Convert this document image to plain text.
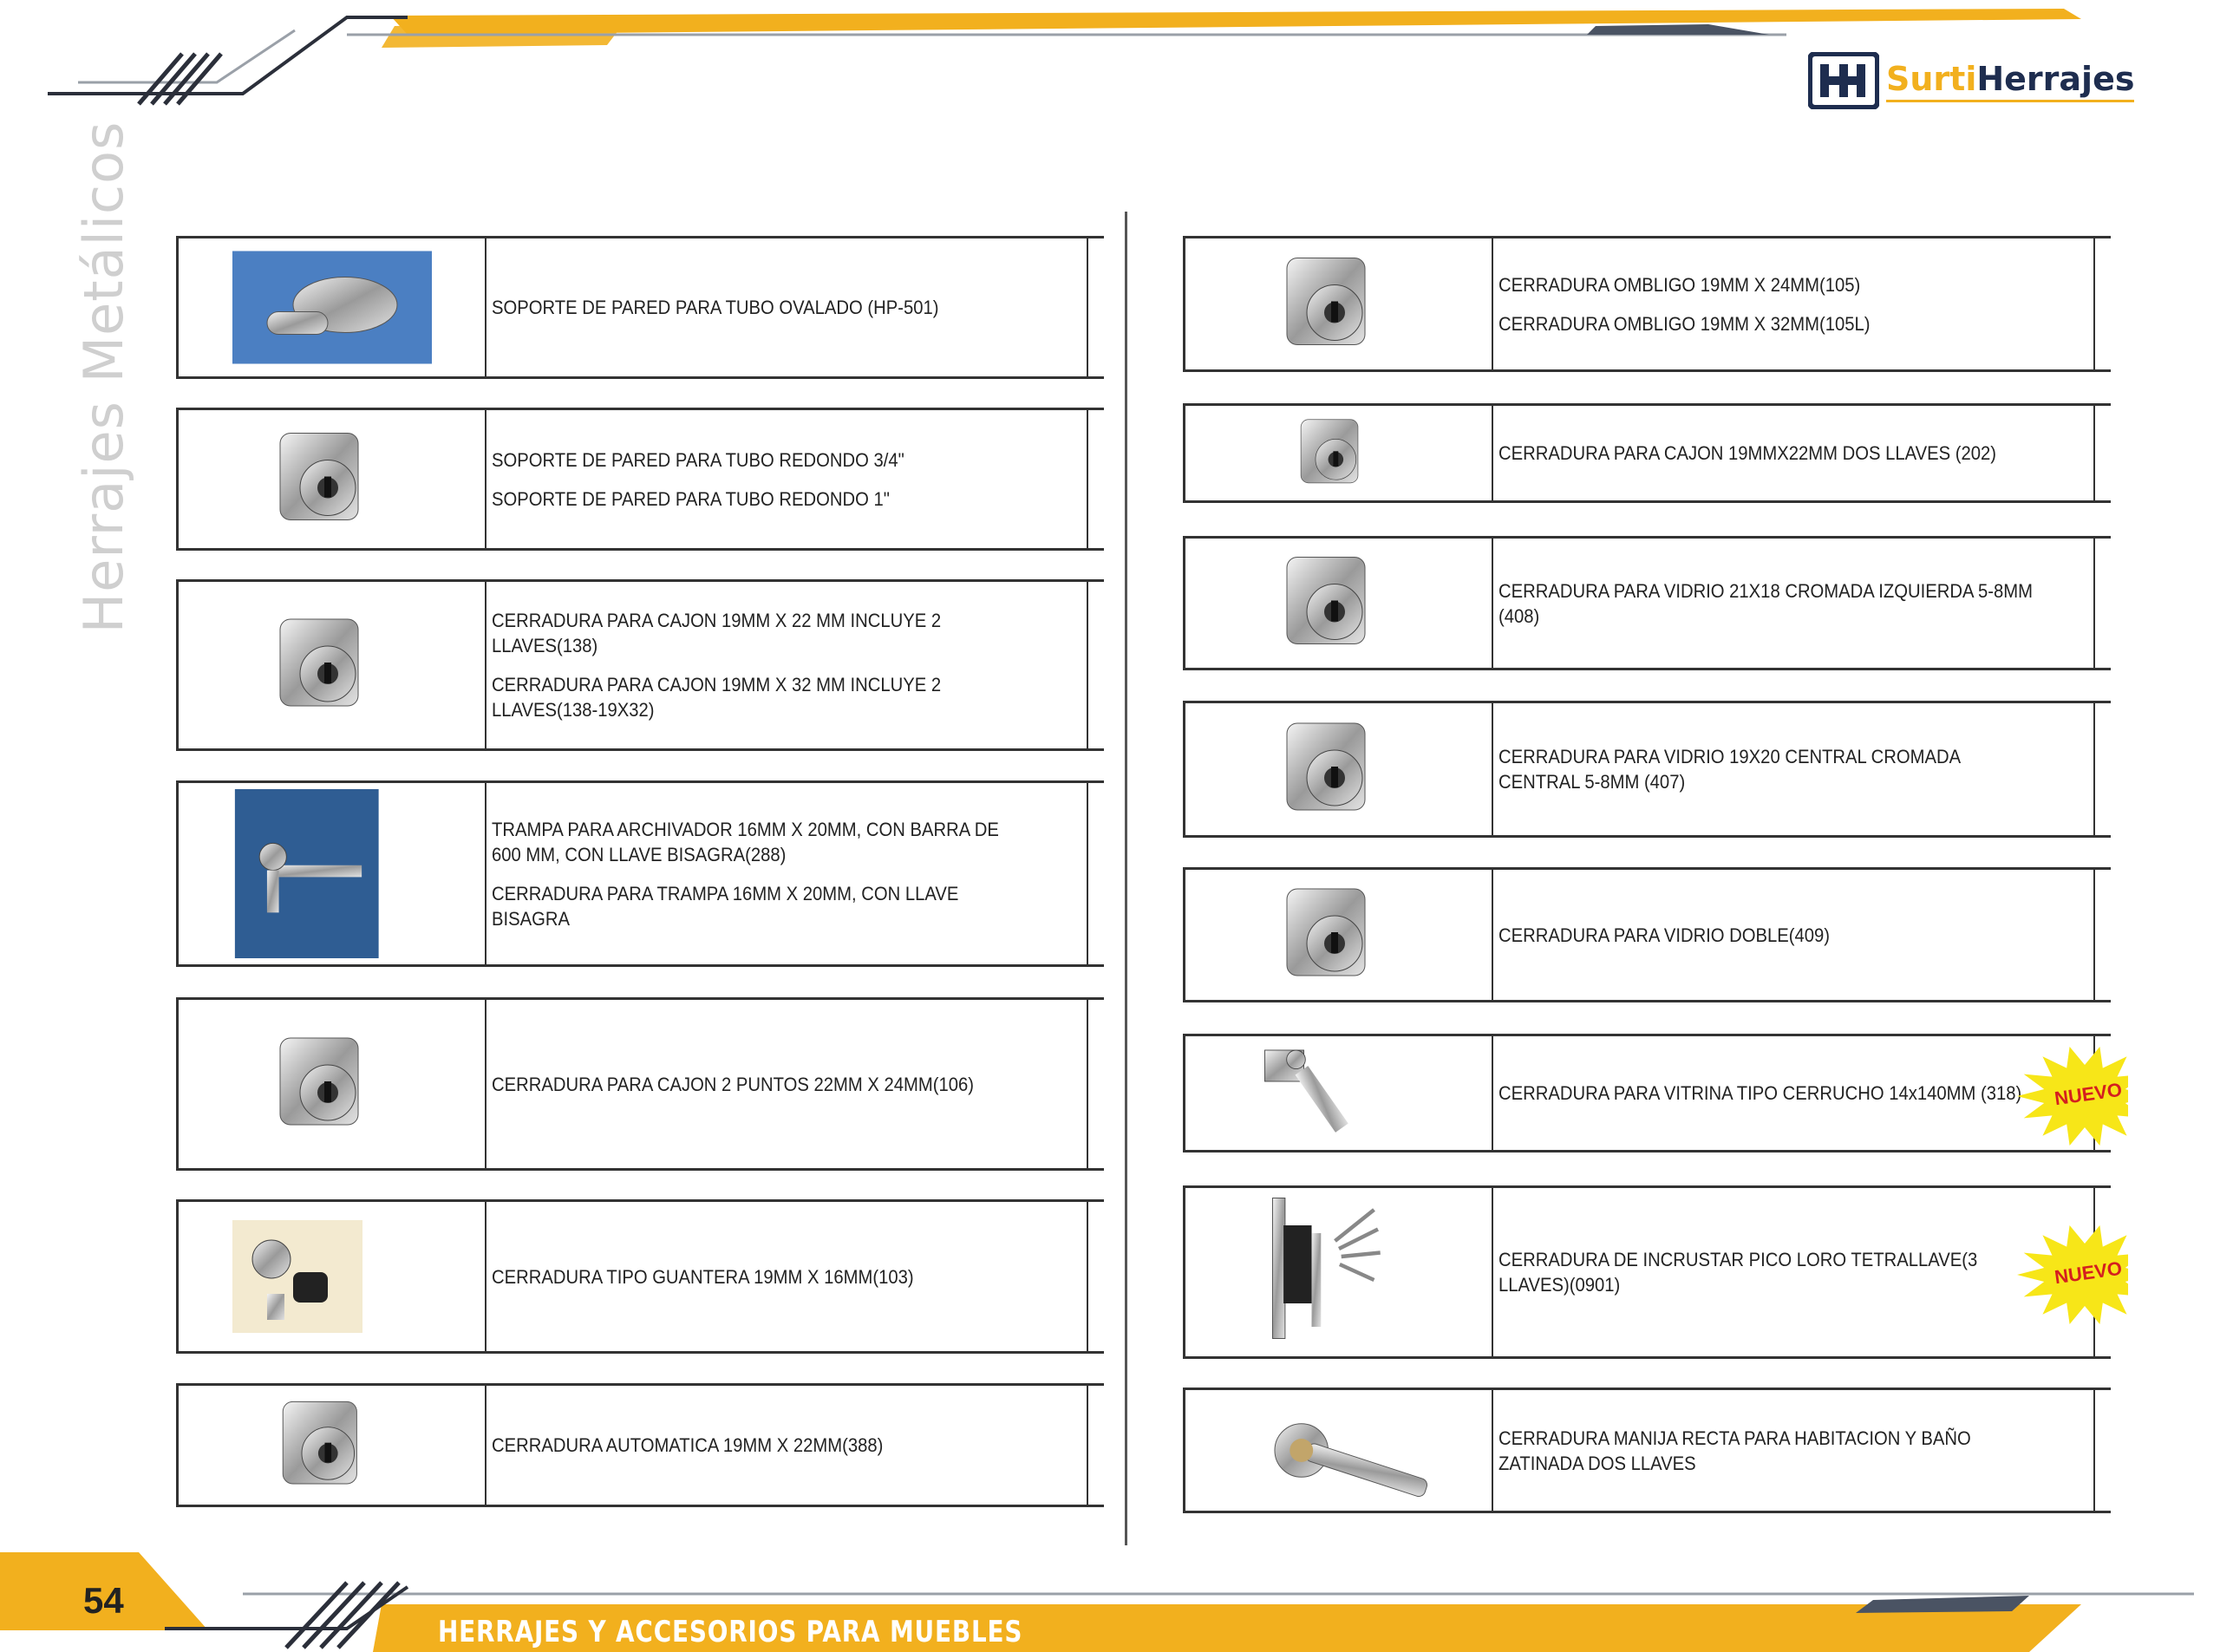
Herrajes Metálicos
SurtiHerrajes
SOPORTE DE PARED PARA TUBO OVALADO (HP-501)
SOPORTE DE PARED PARA TUBO REDONDO 3/4"
SOPORTE DE PARED PARA TUBO REDONDO 1"
CERRADURA PARA CAJON 19MM X 22 MM INCLUYE 2 LLAVES(138)
CERRADURA PARA CAJON 19MM X 32 MM INCLUYE 2 LLAVES(138-19X32)
TRAMPA PARA ARCHIVADOR 16MM X 20MM, CON BARRA DE 600 MM, CON LLAVE BISAGRA(288)
CERRADURA PARA TRAMPA 16MM X 20MM, CON LLAVE BISAGRA
CERRADURA PARA CAJON 2 PUNTOS 22MM X 24MM(106)
CERRADURA TIPO GUANTERA 19MM X 16MM(103)
CERRADURA AUTOMATICA 19MM X 22MM(388)
CERRADURA OMBLIGO 19MM X 24MM(105)
CERRADURA OMBLIGO 19MM X 32MM(105L)
CERRADURA PARA CAJON 19MMX22MM DOS LLAVES (202)
CERRADURA PARA VIDRIO 21X18 CROMADA IZQUIERDA 5-8MM (408)
CERRADURA PARA VIDRIO 19X20 CENTRAL CROMADA CENTRAL 5-8MM (407)
CERRADURA PARA VIDRIO DOBLE(409)
CERRADURA PARA VITRINA TIPO CERRUCHO 14x140MM (318)	NUEVO
CERRADURA DE INCRUSTAR PICO LORO TETRALLAVE(3 LLAVES)(0901)	NUEVO
CERRADURA MANIJA RECTA PARA HABITACION Y BAÑO ZATINADA DOS LLAVES
54
HERRAJES Y ACCESORIOS PARA MUEBLES
